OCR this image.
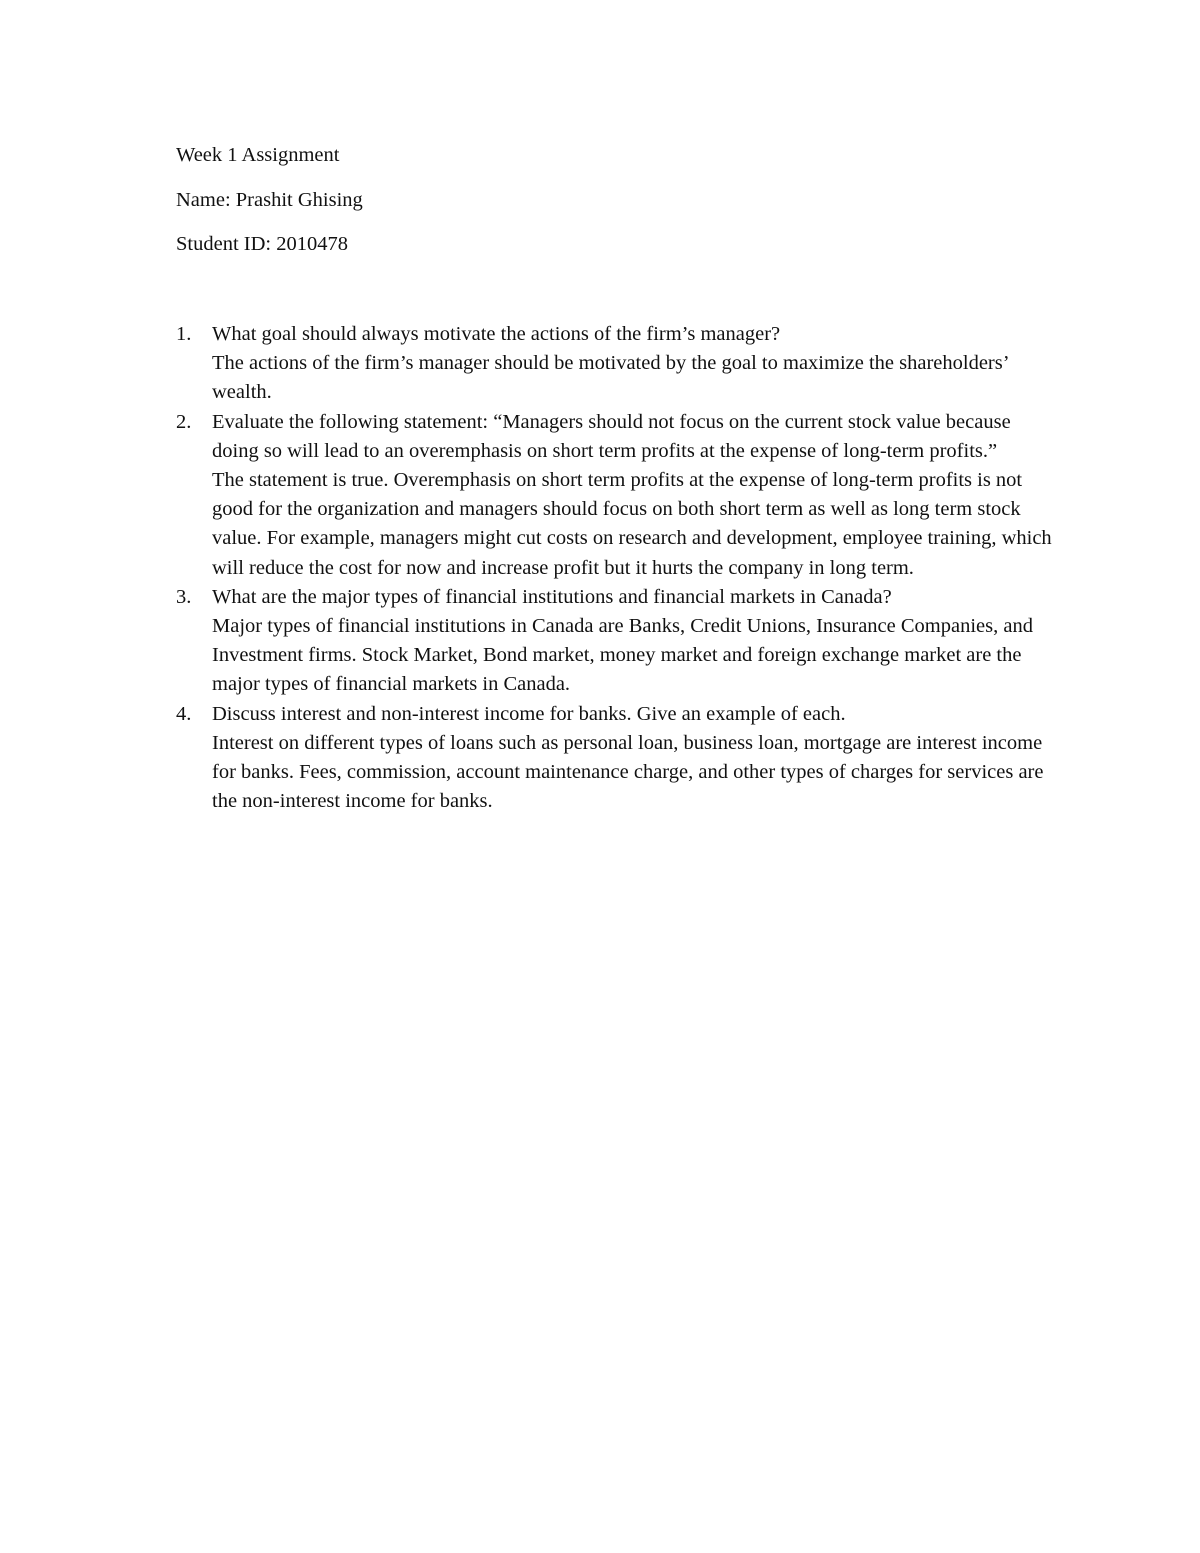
Week 1 Assignment
Name: Prashit Ghising
Student ID: 2010478
1. What goal should always motivate the actions of the firm’s manager?
The actions of the firm’s manager should be motivated by the goal to maximize the shareholders’ wealth.
2. Evaluate the following statement: “Managers should not focus on the current stock value because doing so will lead to an overemphasis on short term profits at the expense of long-term profits.”
The statement is true. Overemphasis on short term profits at the expense of long-term profits is not good for the organization and managers should focus on both short term as well as long term stock value. For example, managers might cut costs on research and development, employee training, which will reduce the cost for now and increase profit but it hurts the company in long term.
3. What are the major types of financial institutions and financial markets in Canada?
Major types of financial institutions in Canada are Banks, Credit Unions, Insurance Companies, and Investment firms. Stock Market, Bond market, money market and foreign exchange market are the major types of financial markets in Canada.
4. Discuss interest and non-interest income for banks. Give an example of each.
Interest on different types of loans such as personal loan, business loan, mortgage are interest income for banks. Fees, commission, account maintenance charge, and other types of charges for services are the non-interest income for banks.
